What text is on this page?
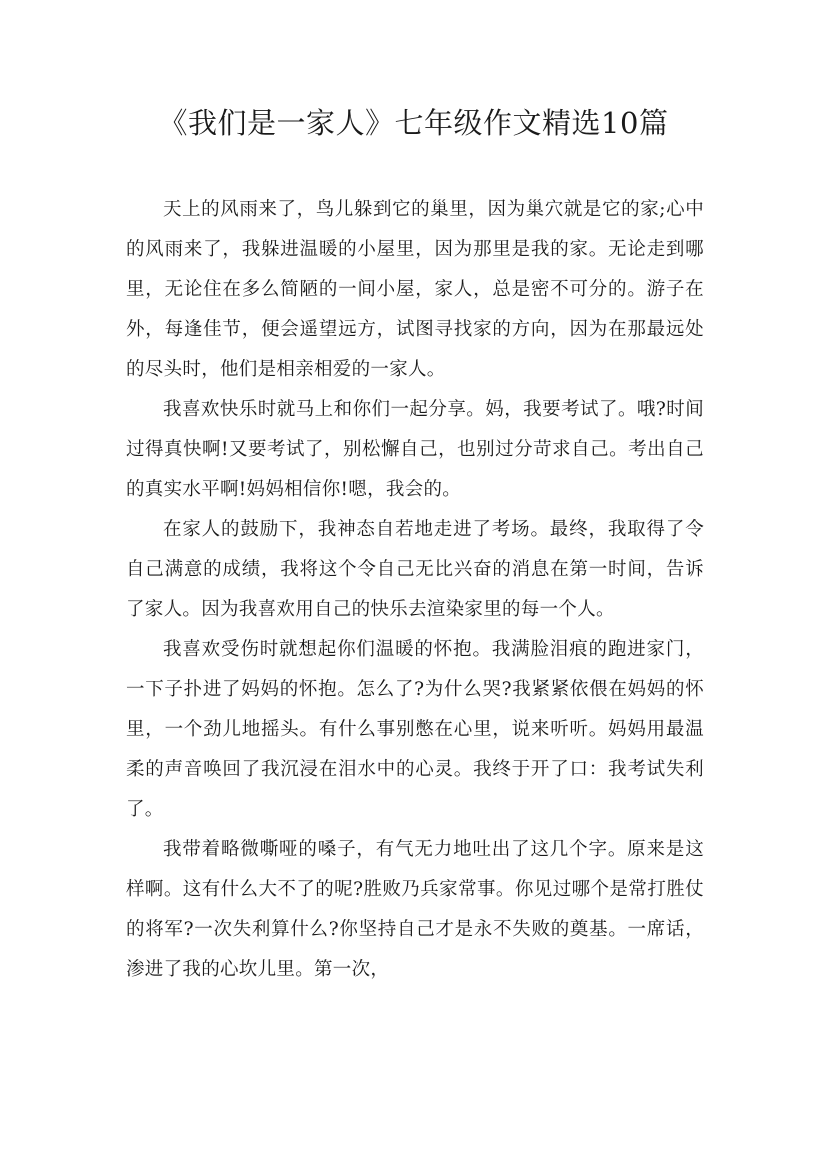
《我们是一家人》七年级作文精选10篇

天上的风雨来了，鸟儿躲到它的巢里，因为巢穴就是它的家;心中的风雨来了，我躲进温暖的小屋里，因为那里是我的家。无论走到哪里，无论住在多么简陋的一间小屋，家人，总是密不可分的。游子在外，每逢佳节，便会遥望远方，试图寻找家的方向，因为在那最远处的尽头时，他们是相亲相爱的一家人。

我喜欢快乐时就马上和你们一起分享。妈，我要考试了。哦?时间过得真快啊!又要考试了，别松懈自己，也别过分苛求自己。考出自己的真实水平啊!妈妈相信你!嗯，我会的。

在家人的鼓励下，我神态自若地走进了考场。最终，我取得了令自己满意的成绩，我将这个令自己无比兴奋的消息在第一时间，告诉了家人。因为我喜欢用自己的快乐去渲染家里的每一个人。

我喜欢受伤时就想起你们温暖的怀抱。我满脸泪痕的跑进家门，一下子扑进了妈妈的怀抱。怎么了?为什么哭?我紧紧依偎在妈妈的怀里，一个劲儿地摇头。有什么事别憋在心里，说来听听。妈妈用最温柔的声音唤回了我沉浸在泪水中的心灵。我终于开了口：我考试失利了。

我带着略微嘶哑的嗓子，有气无力地吐出了这几个字。原来是这样啊。这有什么大不了的呢?胜败乃兵家常事。你见过哪个是常打胜仗的将军?一次失利算什么?你坚持自己才是永不失败的奠基。一席话，渗进了我的心坎儿里。第一次，
